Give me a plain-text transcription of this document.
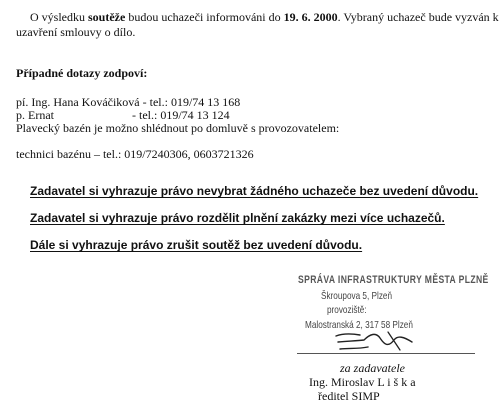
O výsledku soutěže budou uchazeči informováni do 19. 6. 2000. Vybraný uchazeč bude vyzván k
uzavření smlouvy o dílo.
Případné dotazy zodpoví:
pí. Ing. Hana Kováčiková - tel.: 019/74 13 168
p. Ernat	- tel.: 019/74 13 124
Plavecký bazén je možno shlédnout po domluvě s provozovatelem:
technici bazénu – tel.: 019/7240306, 0603721326
Zadavatel si vyhrazuje právo nevybrat žádného uchazeče bez uvedení důvodu.
Zadavatel si vyhrazuje právo rozdělit plnění zakázky mezi více uchazečů.
Dále si vyhrazuje právo zrušit soutěž bez uvedení důvodu.
SPRÁVA INFRASTRUKTURY MĚSTA PLZNĚ
Škroupova 5, Plzeň
provoziště:
Malostranská 2, 317 58 Plzeň
za zadavatele
Ing. Miroslav L i š k a
ředitel SIMP
